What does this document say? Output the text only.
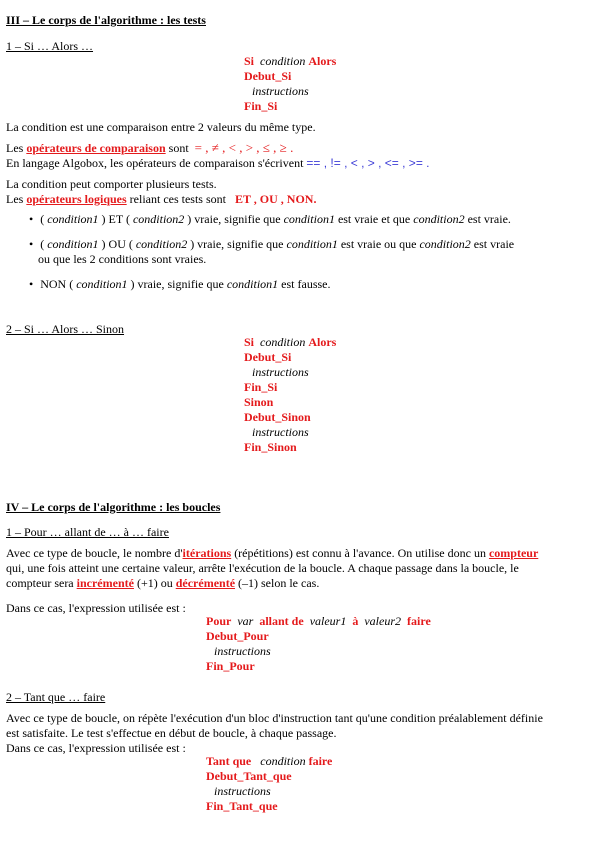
III – Le corps de l'algorithme : les tests
1 – Si … Alors …
Si condition Alors
Debut_Si
instructions
Fin_Si
La condition est une comparaison entre 2 valeurs du même type.
Les opérateurs de comparaison sont = , ≠ , < , > , ≤ , ≥ .
En langage Algobox, les opérateurs de comparaison s'écrivent == , != , < , > , <= , >= .
La condition peut comporter plusieurs tests.
Les opérateurs logiques reliant ces tests sont ET , OU , NON.
• ( condition1 ) ET ( condition2 ) vraie, signifie que condition1 est vraie et que condition2 est vraie.
• ( condition1 ) OU ( condition2 ) vraie, signifie que condition1 est vraie ou que condition2 est vraie
ou que les 2 conditions sont vraies.
• NON ( condition1 ) vraie, signifie que condition1 est fausse.
2 – Si … Alors … Sinon
Si condition Alors
Debut_Si
instructions
Fin_Si
Sinon
Debut_Sinon
instructions
Fin_Sinon
IV – Le corps de l'algorithme : les boucles
1 – Pour … allant de … à … faire
Avec ce type de boucle, le nombre d'itérations (répétitions) est connu à l'avance. On utilise donc un compteur
qui, une fois atteint une certaine valeur, arrête l'exécution de la boucle. A chaque passage dans la boucle, le
compteur sera incrémenté (+1) ou décrémenté (–1) selon le cas.
Dans ce cas, l'expression utilisée est :
Pour var allant de valeur1 à valeur2 faire
Debut_Pour
instructions
Fin_Pour
2 – Tant que … faire
Avec ce type de boucle, on répète l'exécution d'un bloc d'instruction tant qu'une condition préalablement définie
est satisfaite. Le test s'effectue en début de boucle, à chaque passage.
Dans ce cas, l'expression utilisée est :
Tant que condition faire
Debut_Tant_que
instructions
Fin_Tant_que
